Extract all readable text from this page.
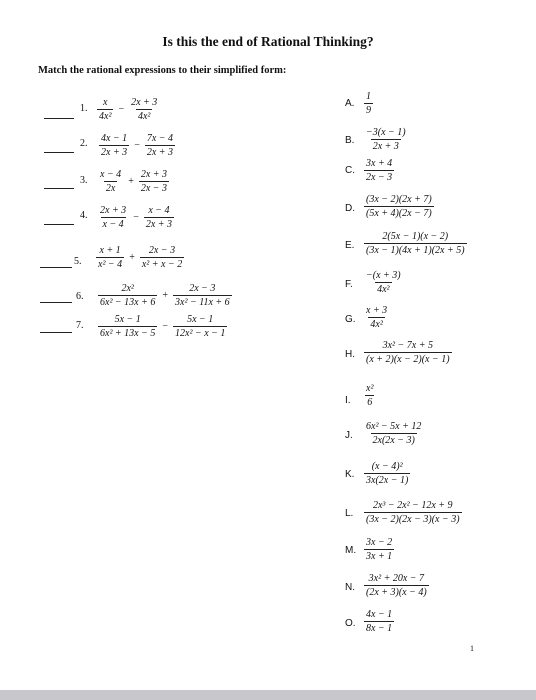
Is this the end of Rational Thinking?
Match the rational expressions to their simplified form:
1. $\frac{x}{\text{4x²}} - \frac{2x + 3}{\text{4x²}}$
2. $\frac{4x - 1}{2x + 3} - \frac{7x - 4}{2x + 3}$
3. $\frac{x - 4}{2x} + \frac{2x + 3}{2x - 3}$
4. $\frac{2x + 3}{x - 4} - \frac{x - 4}{2x + 3}$
5. $\frac{x + 1}{\text{x² − 4}} + \frac{2x - 3}{\text{x² + x − 2}}$
6. $\frac{\text{2x²}}{\text{6x² − 13x + 6}} + \frac{2x - 3}{\text{3x² − 11x + 6}}$
7. $\frac{5x - 1}{\text{6x² + 13x − 5}} - \frac{5x - 1}{\text{12x² − x − 1}}$
A. $\frac{1}{9}$
B. $\frac{-3(x - 1)}{2x + 3}$
C. $\frac{3x + 4}{2x - 3}$
D. $\frac{(3x - 2)(2x + 7)}{(5x + 4)(2x - 7)}$
E. $\frac{2(5x - 1)(x - 2)}{(3x - 1)(4x + 1)(2x + 5)}$
F. $\frac{-(x + 3)}{\text{4x²}}$
G. $\frac{x + 3}{\text{4x²}}$
H. $\frac{\text{3x² − 7x + 5}}{(x + 2)(x - 2)(x - 1)}$
I. $\frac{\text{x²}}{6}$
J. $\frac{\text{6x² − 5x + 12}}{2x(2x - 3)}$
K. $\frac{\text{(x − 4)²}}{3x(2x - 1)}$
L. $\frac{\text{2x³ − 2x² − 12x + 9}}{(3x - 2)(2x - 3)(x - 3)}$
M. $\frac{3x - 2}{3x + 1}$
N. $\frac{\text{3x² + 20x − 7}}{(2x + 3)(x - 4)}$
O. $\frac{4x - 1}{8x - 1}$
1
